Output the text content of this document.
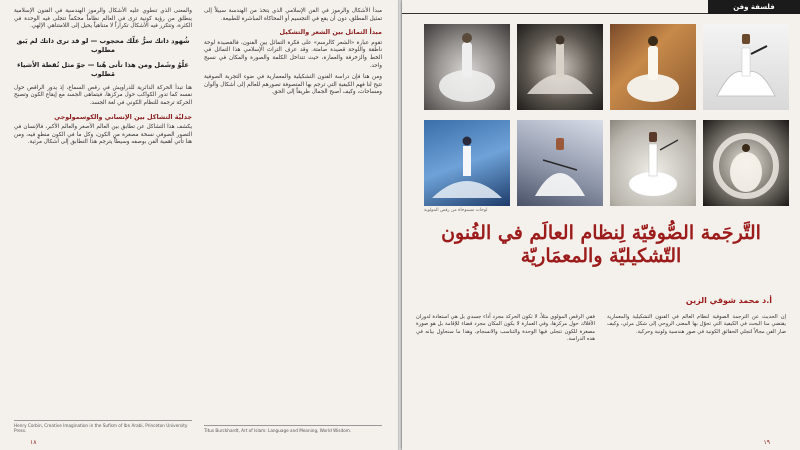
والمعنى الذي تنطوي عليه الأشكال والرموز الهندسية في الفنون الإسلامية ينطلق من رؤية كونية ترى في العالم نظاماً محكماً تتجلى فيه الوحدة في الكثرة، وتتكرر فيه الأشكال تكراراً لا متناهياً يحيل إلى اللامتناهي الإلهي.

شُهود ذاتك سرٌّ علّك محجوب — لو قد ترى ذاتك لم يَبق مطلوب
علّوُ وشَمل ومن هذا تأتى هُنا — جوّ مثل نُقطة الأشياء مَطلوب

هنا تبدأ الحركة الدائرية للدراويش في رقص السماع، إذ يدور الراقص حول نفسه كما تدور الكواكب حول مركزها، فيتماهى الجسد مع إيقاع الكون وتصبح الحركة ترجمة للنظام الكوني في لغة الجسد.

جدليّة التشاكل بين الإنساني والكوسمولوجي

يكشف هذا التشاكل عن تطابق بين العالم الأصغر والعالم الأكبر، فالإنسان في التصور الصوفي نسخة مصغرة من الكون، وكل ما في الكون منطوٍ فيه، ومن هنا تأتي أهمية الفن بوصفه وسيطاً يترجم هذا التطابق إلى أشكال مرئية.

مبدأ الأشكال والرموز في الفن الإسلامي الذي يتخذ من الهندسة سبيلاً إلى تمثيل المطلق، دون أن يقع في التجسيم أو المحاكاة المباشرة للطبيعة.

مبدأ التماثل بين الشعر والتشكيل

تقوم عبارة «الشعر كالرسم» على فكرة التماثل بين الفنون، فالقصيدة لوحة ناطقة واللوحة قصيدة صامتة. وقد عرف التراث الإسلامي هذا التماثل في الخط والزخرفة والعمارة، حيث تتداخل الكلمة والصورة والمكان في نسيج واحد.

ومن هنا فإن دراسة الفنون التشكيلية والمعمارية في ضوء التجربة الصوفية تتيح لنا فهم الكيفية التي ترجم بها المتصوفة تصورهم للعالم إلى أشكال وألوان ومساحات، وكيف أصبح الجمال طريقاً إلى الحق.

Henry Corbin, Creative Imagination in the Sufism of Ibn Arabi, Princeton University Press.	Titus Burckhardt, Art of Islam: Language and Meaning, World Wisdom.
١٨
فلسفة وفن
لوحات مستوحاة من رقص المولوية
التَّرجَمة الصُّوفيّة لِنظام العالَم في الفُنون التّشكيليّة والمعمَاريّة
أ.د محمد شوقي الزين

إن الحديث عن الترجمة الصوفية لنظام العالم في الفنون التشكيلية والمعمارية يقتضي منا البحث في الكيفية التي تحوّل بها المعنى الروحي إلى شكل مرئي، وكيف صار الفن مجالاً لتجلي الحقائق الكونية في صور هندسية ولونية وحركية.

ففي الرقص المولوي مثلاً، لا تكون الحركة مجرد أداء جسدي بل هي استعادة لدوران الأفلاك حول مركزها، وفي العمارة لا يكون المكان مجرد فضاء للإقامة بل هو صورة مصغرة للكون تتجلى فيها الوحدة والتناسب والانسجام، وهذا ما سنحاول بيانه في هذه الدراسة.

١٩
